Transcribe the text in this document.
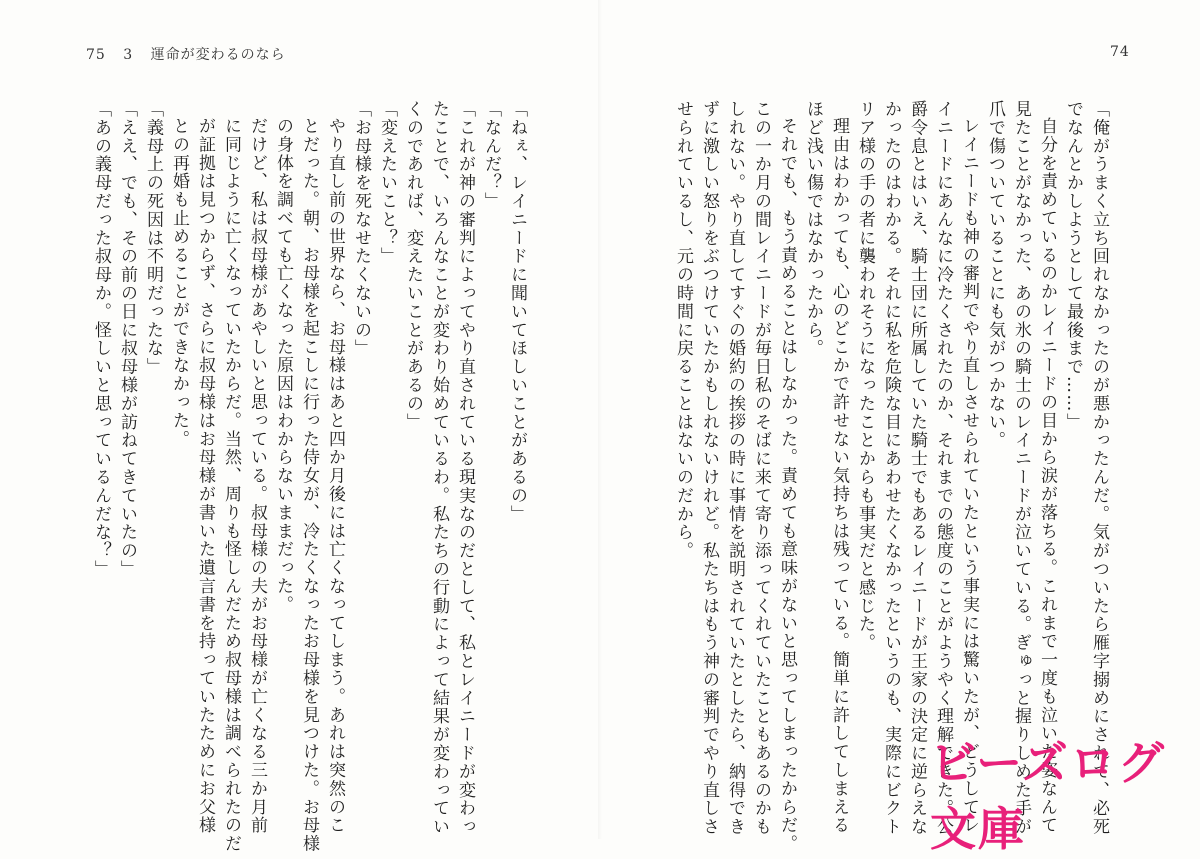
75 3 運命が変わるのなら	74
「俺がうまく立ち回れなかったのが悪かったんだ。気がついたら雁字搦めにされて、必死
でなんとかしようとして最後まで……」
自分を責めているのかレイニードの目から涙が落ちる。これまで一度も泣いた姿なんて
見たことがなかった、あの氷の騎士のレイニードが泣いている。ぎゅっと握りしめた手が
爪で傷ついていることにも気がつかない。
レイニードも神の審判でやり直しさせられていたという事実には驚いたが、どうしてレ
イニードにあんなに冷たくされたのか、それまでの態度のことがようやく理解できた。公
爵令息とはいえ、騎士団に所属していた騎士でもあるレイニードが王家の決定に逆らえな
かったのはわかる。それに私を危険な目にあわせたくなかったというのも、実際にビクト
リア様の手の者に襲われそうになったことからも事実だと感じた。
理由はわかっても、心のどこかで許せない気持ちは残っている。簡単に許してしまえる
ほど浅い傷ではなかったから。
それでも、もう責めることはしなかった。責めても意味がないと思ってしまったからだ。
この一か月の間レイニードが毎日私のそばに来て寄り添ってくれていたこともあるのかも
しれない。やり直してすぐの婚約の挨拶の時に事情を説明されていたとしたら、納得でき
ずに激しい怒りをぶつけていたかもしれないけれど。私たちはもう神の審判でやり直しさ
せられているし、元の時間に戻ることはないのだから。
「ねぇ、レイニードに聞いてほしいことがあるの」
「なんだ？」
「これが神の審判によってやり直されている現実なのだとして、私とレイニードが変わっ
たことで、いろんなことが変わり始めているわ。私たちの行動によって結果が変わってい
くのであれば、変えたいことがあるの」
「変えたいこと？」
「お母様を死なせたくないの」
やり直し前の世界なら、お母様はあと四か月後には亡くなってしまう。あれは突然のこ
とだった。朝、お母様を起こしに行った侍女が、冷たくなったお母様を見つけた。お母様
の身体を調べても亡くなった原因はわからないままだった。
だけど、私は叔母様があやしいと思っている。叔母様の夫がお母様が亡くなる三か月前
に同じように亡くなっていたからだ。当然、周りも怪しんだため叔母様は調べられたのだ
が証拠は見つからず、さらに叔母様はお母様が書いた遺言書を持っていたためにお父様
との再婚も止めることができなかった。
「義母上の死因は不明だったな」
「ええ、でも、その前の日に叔母様が訪ねてきていたの」
「あの義母だった叔母か。怪しいと思っているんだな？」
ビーズログ文庫
